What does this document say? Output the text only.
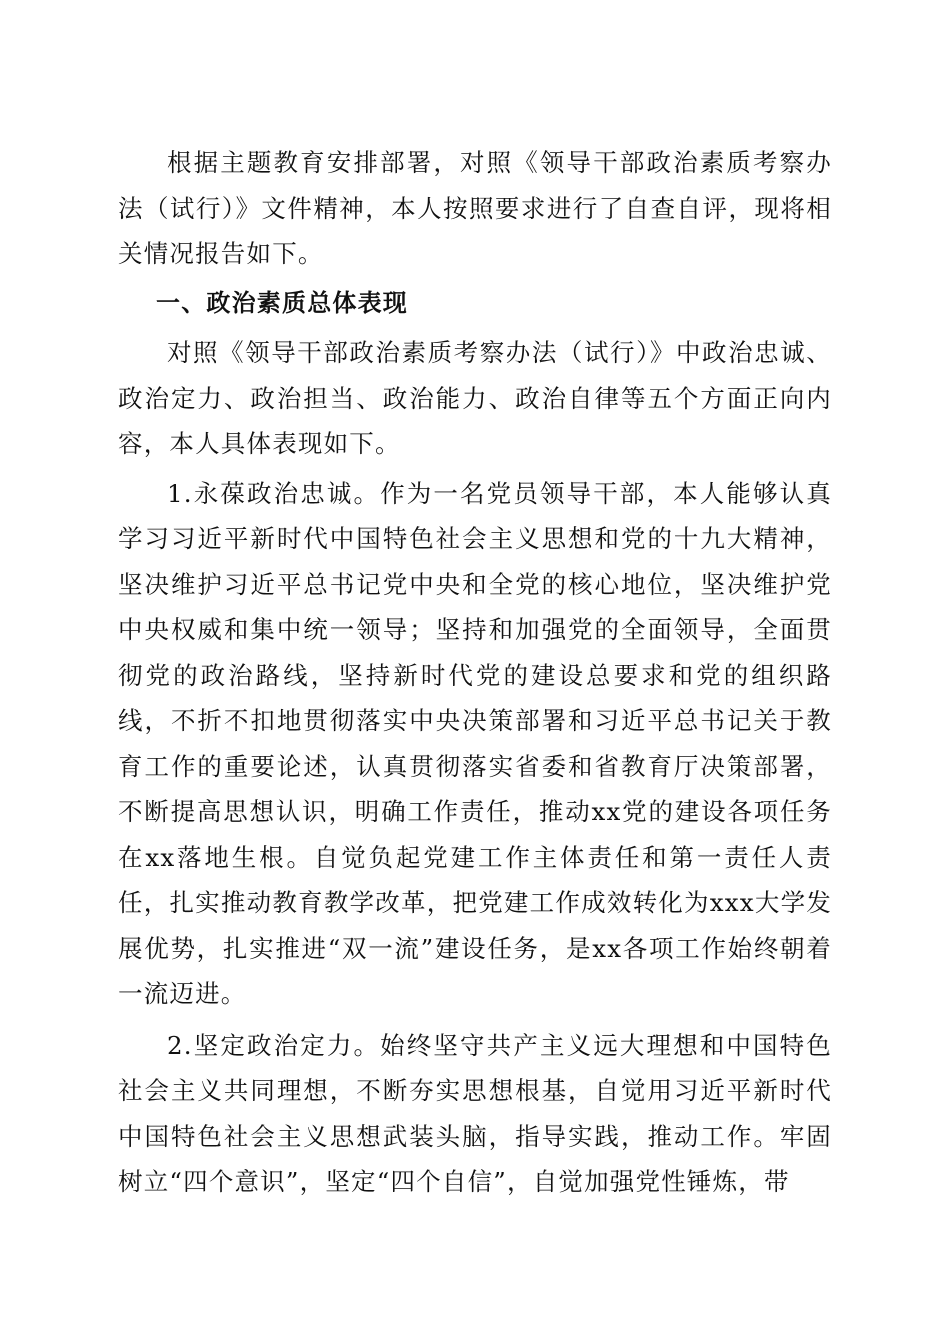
根据主题教育安排部署，对照《领导干部政治素质考察办法（试行）》文件精神，本人按照要求进行了自查自评，现将相关情况报告如下。

一、政治素质总体表现

对照《领导干部政治素质考察办法（试行）》中政治忠诚、政治定力、政治担当、政治能力、政治自律等五个方面正向内容，本人具体表现如下。

1.永葆政治忠诚。作为一名党员领导干部，本人能够认真学习习近平新时代中国特色社会主义思想和党的十九大精神，坚决维护习近平总书记党中央和全党的核心地位，坚决维护党中央权威和集中统一领导；坚持和加强党的全面领导，全面贯彻党的政治路线，坚持新时代党的建设总要求和党的组织路线，不折不扣地贯彻落实中央决策部署和习近平总书记关于教育工作的重要论述，认真贯彻落实省委和省教育厅决策部署，不断提高思想认识，明确工作责任，推动xx党的建设各项任务在xx落地生根。自觉负起党建工作主体责任和第一责任人责任，扎实推动教育教学改革，把党建工作成效转化为xxx大学发展优势，扎实推进“双一流”建设任务，是xx各项工作始终朝着一流迈进。

2.坚定政治定力。始终坚守共产主义远大理想和中国特色社会主义共同理想，不断夯实思想根基，自觉用习近平新时代中国特色社会主义思想武装头脑，指导实践，推动工作。牢固树立“四个意识”，坚定“四个自信”，自觉加强党性锤炼，带
